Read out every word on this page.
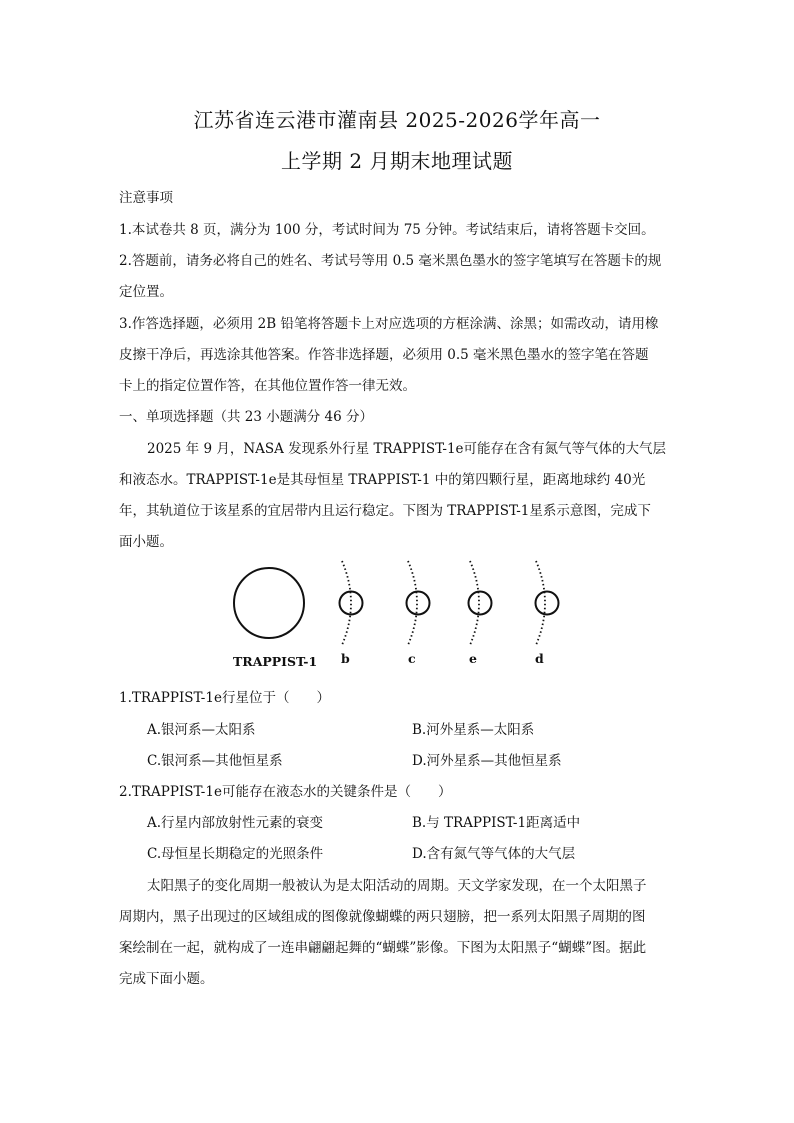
江苏省连云港市灌南县 2025-2026学年高一
上学期 2 月期末地理试题
注意事项
1.本试卷共 8 页，满分为 100 分，考试时间为 75 分钟。考试结束后，请将答题卡交回。
2.答题前，请务必将自己的姓名、考试号等用 0.5 毫米黑色墨水的签字笔填写在答题卡的规
定位置。
3.作答选择题，必须用 2B 铅笔将答题卡上对应选项的方框涂满、涂黑；如需改动，请用橡
皮擦干净后，再选涂其他答案。作答非选择题，必须用 0.5 毫米黑色墨水的签字笔在答题
卡上的指定位置作答，在其他位置作答一律无效。
一、单项选择题（共 23 小题满分 46 分）
2025 年 9 月，NASA 发现系外行星 TRAPPIST-1e可能存在含有氮气等气体的大气层
和液态水。TRAPPIST-1e是其母恒星 TRAPPIST-1 中的第四颗行星，距离地球约 40光
年，其轨道位于该星系的宜居带内且运行稳定。下图为 TRAPPIST-1星系示意图，完成下
面小题。
TRAPPIST-1 b	c	e	d
1.TRAPPIST-1e行星位于（　　）
A.银河系—太阳系	B.河外星系—太阳系
C.银河系—其他恒星系	D.河外星系—其他恒星系
2.TRAPPIST-1e可能存在液态水的关键条件是（　　）
A.行星内部放射性元素的衰变	B.与 TRAPPIST-1距离适中
C.母恒星长期稳定的光照条件	D.含有氮气等气体的大气层
太阳黑子的变化周期一般被认为是太阳活动的周期。天文学家发现，在一个太阳黑子
周期内，黑子出现过的区域组成的图像就像蝴蝶的两只翅膀，把一系列太阳黑子周期的图
案绘制在一起，就构成了一连串翩翩起舞的“蝴蝶”影像。下图为太阳黑子“蝴蝶”图。据此
完成下面小题。
